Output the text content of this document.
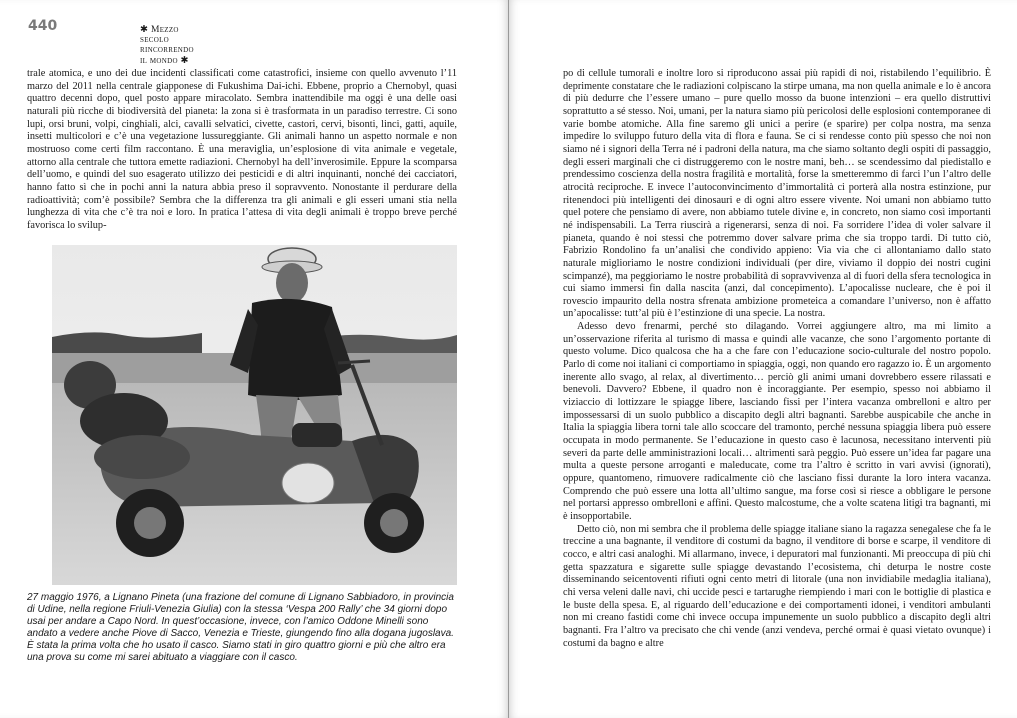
440	✱ Mezzo secolo rincorrendo il mondo ✱

trale atomica, e uno dei due incidenti classificati come catastrofici, insieme con quello avvenuto l’11 marzo del 2011 nella centrale giapponese di Fukushima Dai-ichi. Ebbene, proprio a Chernobyl, quasi quattro decenni dopo, quel posto appare miracolato. Sembra inattendibile ma oggi è una delle oasi naturali più ricche di biodiversità del pianeta: la zona si è trasformata in un paradiso terrestre. Ci sono lupi, orsi bruni, volpi, cinghiali, alci, cavalli selvatici, civette, castori, cervi, bisonti, linci, gatti, aquile, insetti multicolori e c’è una vegetazione lussureggiante. Gli animali hanno un aspetto normale e non mostruoso come certi film raccontano. È una meraviglia, un’esplosione di vita animale e vegetale, attorno alla centrale che tuttora emette radiazioni. Chernobyl ha dell’inverosimile. Eppure la scomparsa dell’uomo, e quindi del suo esagerato utilizzo dei pesticidi e di altri inquinanti, nonché dei cacciatori, hanno fatto sì che in pochi anni la natura abbia preso il sopravvento. Nonostante il perdurare della radioattività; com’è possibile? Sembra che la differenza tra gli animali e gli esseri umani stia nella lunghezza di vita che c’è tra noi e loro. In pratica l’attesa di vita degli animali è troppo breve perché favorisca lo svilup-

27 maggio 1976, a Lignano Pineta (una frazione del comune di Lignano Sabbiadoro, in provincia di Udine, nella regione Friuli-Venezia Giulia) con la stessa ‘Vespa 200 Rally’ che 34 giorni dopo usai per andare a Capo Nord. In quest’occasione, invece, con l’amico Oddone Minelli sono andato a vedere anche Piove di Sacco, Venezia e Trieste, giungendo fino alla dogana jugoslava. È stata la prima volta che ho usato il casco. Siamo stati in giro quattro giorni e più che altro era una prova su come mi sarei abituato a viaggiare con il casco.

po di cellule tumorali e inoltre loro si riproducono assai più rapidi di noi, ristabilendo l’equilibrio. È deprimente constatare che le radiazioni colpiscano la stirpe umana, ma non quella animale e lo è ancora di più dedurre che l’essere umano – pure quello mosso da buone intenzioni – era quello distruttivi soprattutto a sé stesso. Noi, umani, per la natura siamo più pericolosi delle esplosioni contemporanee di varie bombe atomiche. Alla fine saremo gli unici a perire (e sparire) per colpa nostra, ma senza impedire lo sviluppo futuro della vita di flora e fauna. Se ci si rendesse conto più spesso che noi non siamo né i signori della Terra né i padroni della natura, ma che siamo soltanto degli ospiti di passaggio, degli esseri marginali che ci distruggeremo con le nostre mani, beh… se scendessimo dal piedistallo e prendessimo coscienza della nostra fragilità e mortalità, forse la smetteremmo di farci l’un l’altro delle atrocità reciproche. E invece l’autoconvincimento d’immortalità ci porterà alla nostra estinzione, pur ritenendoci più intelligenti dei dinosauri e di ogni altro essere vivente. Noi umani non abbiamo tutto quel potere che pensiamo di avere, non abbiamo tutele divine e, in concreto, non siamo così importanti né indispensabili. La Terra riuscirà a rigenerarsi, senza di noi. Fa sorridere l’idea di voler salvare il pianeta, quando è noi stessi che potremmo dover salvare prima che sia troppo tardi. Di tutto ciò, Fabrizio Rondolino fa un’analisi che condivido appieno: Via via che ci allontaniamo dallo stato naturale miglioriamo le nostre condizioni individuali (per dire, viviamo il doppio dei nostri cugini scimpanzé), ma peggioriamo le nostre probabilità di sopravvivenza al di fuori della sfera tecnologica in cui siamo immersi fin dalla nascita (anzi, dal concepimento). L’apocalisse nucleare, che è poi il rovescio impaurito della nostra sfrenata ambizione prometeica a comandare l’universo, non è affatto un’apocalisse: tutt’al più è l’estinzione di una specie. La nostra.

Adesso devo frenarmi, perché sto dilagando. Vorrei aggiungere altro, ma mi limito a un’osservazione riferita al turismo di massa e quindi alle vacanze, che sono l’argomento portante di questo volume. Dico qualcosa che ha a che fare con l’educazione socio-culturale del nostro popolo. Parlo di come noi italiani ci comportiamo in spiaggia, oggi, non quando ero ragazzo io. È un argomento inerente allo svago, al relax, al divertimento… perciò gli animi umani dovrebbero essere rilassati e benevoli. Davvero? Ebbene, il quadro non è incoraggiante. Per esempio, spesso noi abbiamo il viziaccio di lottizzare le spiagge libere, lasciando fissi per l’intera vacanza ombrelloni e altro per impossessarsi di un suolo pubblico a discapito degli altri bagnanti. Sarebbe auspicabile che anche in Italia la spiaggia libera torni tale allo scoccare del tramonto, perché nessuna spiaggia libera può essere occupata in modo permanente. Se l’educazione in questo caso è lacunosa, necessitano interventi più severi da parte delle amministrazioni locali… altrimenti sarà peggio. Può essere un’idea far pagare una multa a queste persone arroganti e maleducate, come tra l’altro è scritto in vari avvisi (ignorati), oppure, quantomeno, rimuovere radicalmente ciò che lasciano fissi durante la loro intera vacanza. Comprendo che può essere una lotta all’ultimo sangue, ma forse così si riesce a obbligare le persone nel portarsi appresso ombrelloni e affini. Questo malcostume, che a volte scatena litigi tra bagnanti, mi è insopportabile.

Detto ciò, non mi sembra che il problema delle spiagge italiane siano la ragazza senegalese che fa le treccine a una bagnante, il venditore di costumi da bagno, il venditore di borse e scarpe, il venditore di cocco, e altri casi analoghi. Mi allarmano, invece, i depuratori mal funzionanti. Mi preoccupa di più chi getta spazzatura e sigarette sulle spiagge devastando l’ecosistema, chi deturpa le nostre coste disseminando seicentoventi rifiuti ogni cento metri di litorale (una non invidiabile medaglia italiana), chi versa veleni dalle navi, chi uccide pesci e tartarughe riempiendo i mari con le bottiglie di plastica e le buste della spesa. E, al riguardo dell’educazione e dei comportamenti idonei, i venditori ambulanti non mi creano fastidi come chi invece occupa impunemente un suolo pubblico a discapito degli altri bagnanti. Fra l’altro va precisato che chi vende (anzi vendeva, perché ormai è quasi vietato ovunque) i costumi da bagno e altre
